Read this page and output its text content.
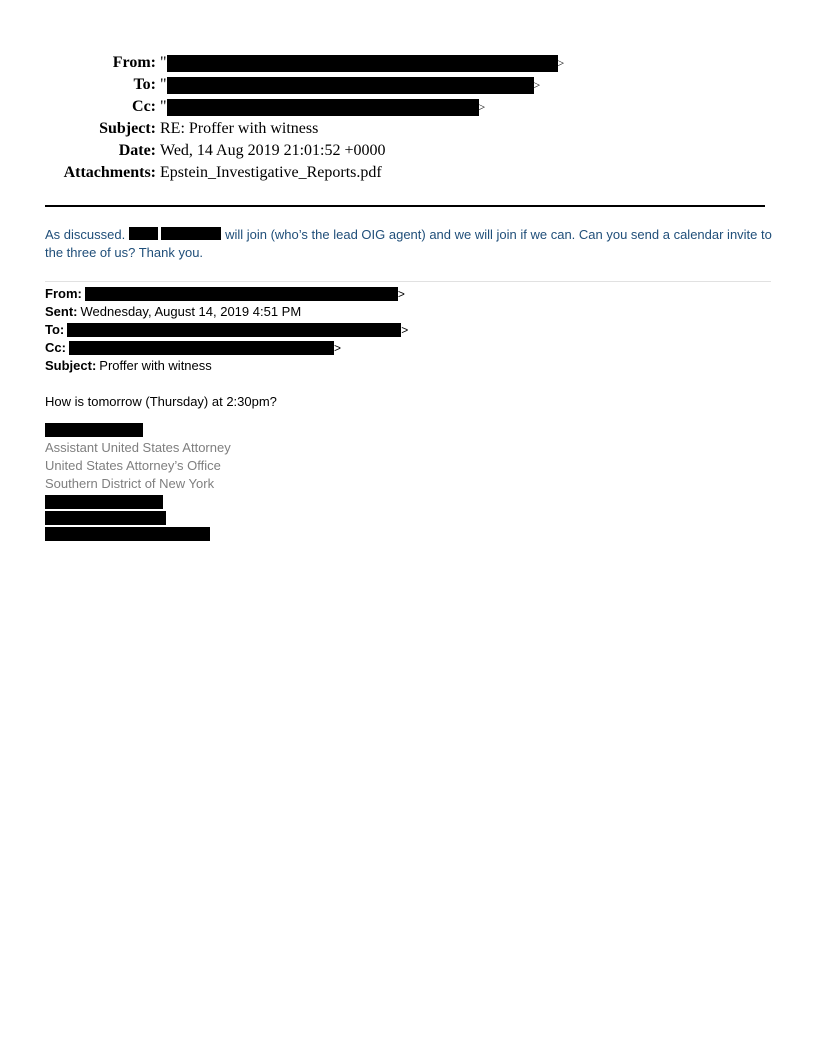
From: "	>
To: "	>
Cc: "	>
Subject: RE: Proffer with witness
Date: Wed, 14 Aug 2019 21:01:52 +0000
Attachments: Epstein_Investigative_Reports.pdf
As discussed.	will join (who’s the lead OIG agent) and we will join if we can. Can you send a calendar invite to the three of us? Thank you.
From:	>
Sent: Wednesday, August 14, 2019 4:51 PM
To:	>
Cc:	>
Subject: Proffer with witness
How is tomorrow (Thursday) at 2:30pm?
Assistant United States Attorney
United States Attorney’s Office
Southern District of New York
